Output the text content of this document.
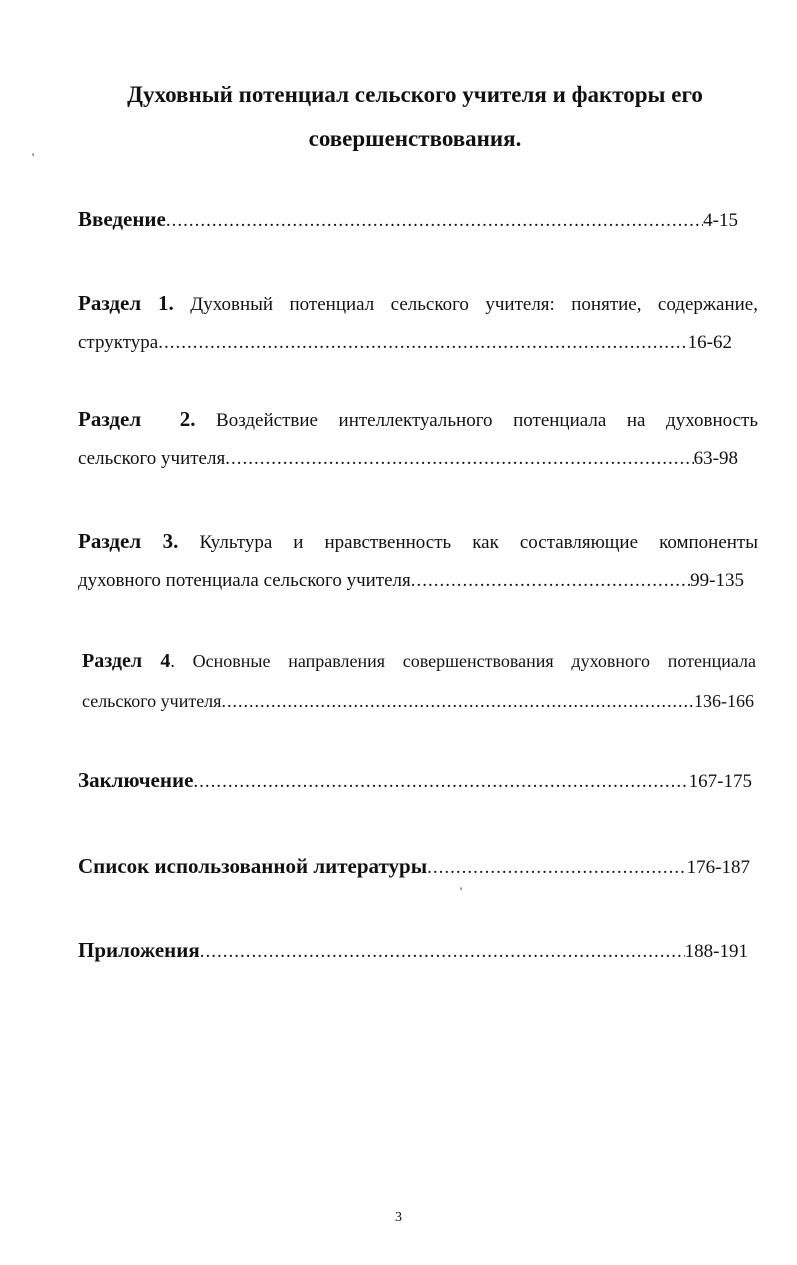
'
Духовный потенциал сельского учителя и факторы его
совершенствования.
Введение .....	4-15
Раздел 1. Духовный потенциал сельского учителя: понятие, содержание,
структура .....	16-62
Раздел 2. Воздействие интеллектуального потенциала на духовность
сельского учителя .....	63-98
Раздел 3. Культура и нравственность как составляющие компоненты
духовного потенциала сельского учителя .....	99-135
Раздел 4. Основные направления совершенствования духовного потенциала
сельского учителя .....	136-166
Заключение .....	167-175
Список использованной литературы .....	176-187
'
Приложения .....	188-191
3
